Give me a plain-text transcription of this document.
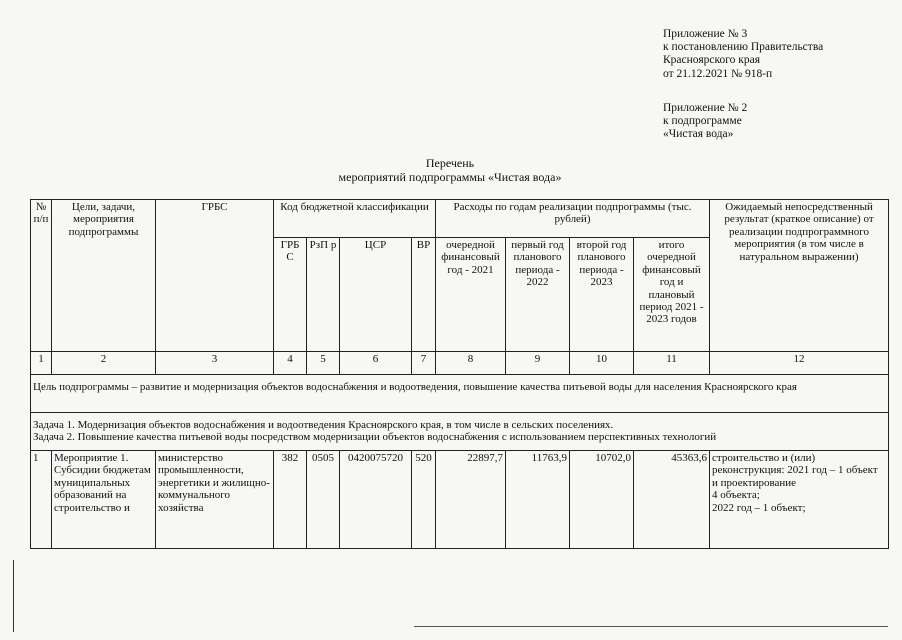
Приложение № 3
к постановлению Правительства
Красноярского края
от 21.12.2021 № 918-п
Приложение № 2
к подпрограмме
«Чистая вода»
Перечень
мероприятий подпрограммы «Чистая вода»
№ п/п	Цели, задачи, мероприятия подпрограммы	ГРБС	Код бюджетной классификации				Расходы по годам реализации подпрограммы (тыс. рублей)				Ожидаемый непосредственный результат (краткое описание) от реализации подпрограммного мероприятия (в том числе в натуральном выражении)
			ГРБ С	РзП р	ЦСР	ВР	очередной финансовый год - 2021	первый год планового периода - 2022	второй год планового периода - 2023	итого очередной финансовый год и плановый период 2021 - 2023 годов	
1	2	3	4	5	6	7	8	9	10	11	12
Цель подпрограммы – развитие и модернизация объектов водоснабжения и водоотведения, повышение качества питьевой воды для населения Красноярского края											

Задача 1. Модернизация объектов водоснабжения и водоотведения Красноярского края, в том числе в сельских поселениях.
Задача 2. Повышение качества питьевой воды посредством модернизации объектов водоснабжения с использованием перспективных технологий											

1	Мероприятие 1. Субсидии бюджетам муниципальных образований на строительство и	министерство промышленности, энергетики и жилищно-коммунального хозяйства	382	0505	0420075720	520	22897,7	11763,9	10702,0	45363,6	строительство и (или) реконструкция: 2021 год – 1 объект
и проектирование
4 объекта;
2022 год – 1 объект;
